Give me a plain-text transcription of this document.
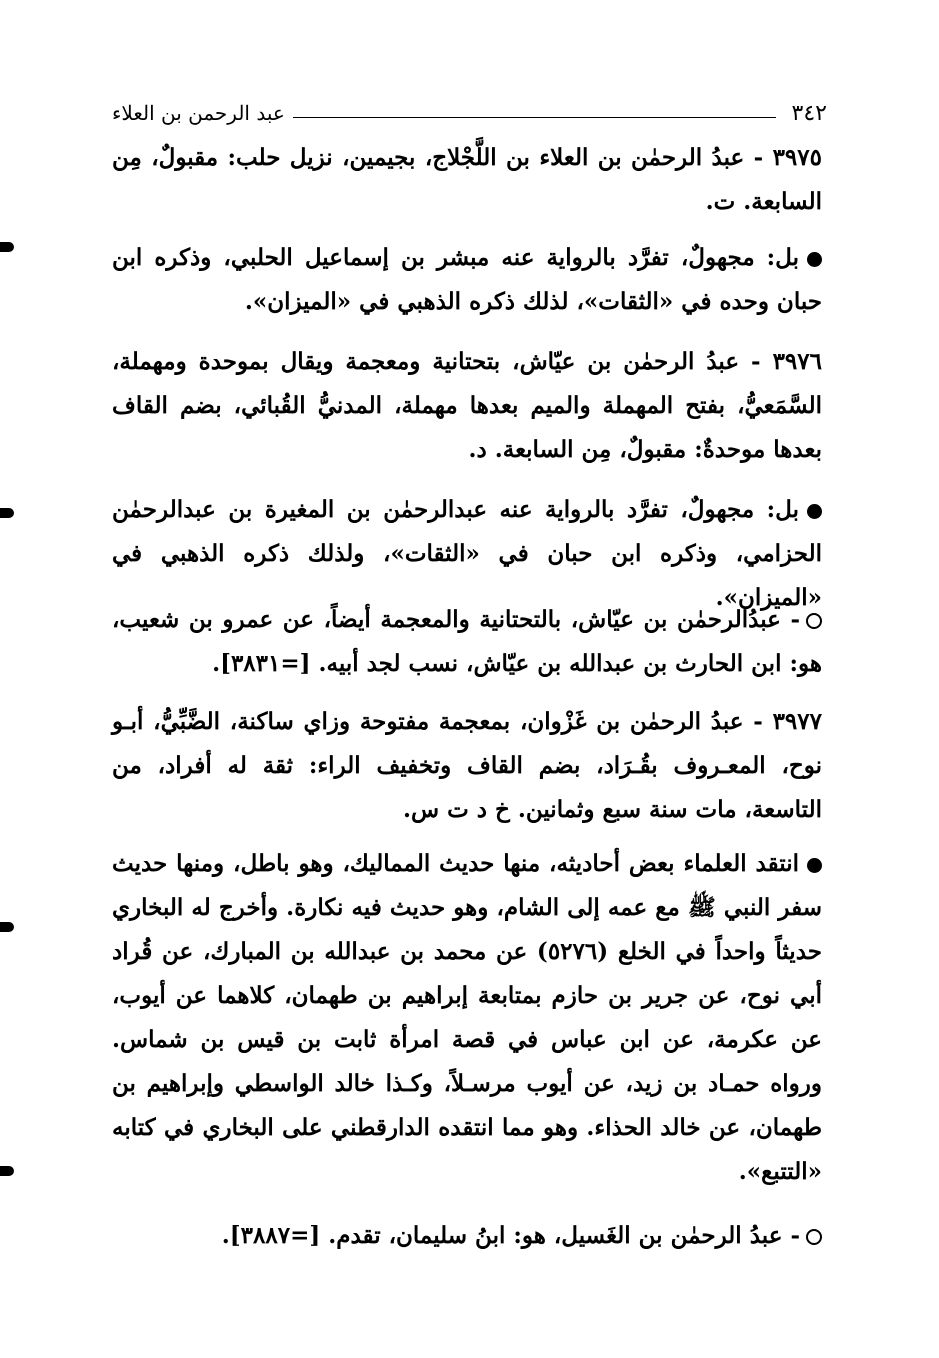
٣٤٢
عبد الرحمن بن العلاء
٣٩٧٥ - عبدُ الرحمٰن بن العلاء بن اللَّجْلاج، بجيمين، نزيل حلب: مقبولٌ، مِن السابعة. ت.
بل: مجهولٌ، تفرَّد بالرواية عنه مبشر بن إسماعيل الحلبي، وذكره ابن حبان وحده في «الثقات»، لذلك ذكره الذهبي في «الميزان».
٣٩٧٦ - عبدُ الرحمٰن بن عيّاش، بتحتانية ومعجمة ويقال بموحدة ومهملة، السَّمَعيُّ، بفتح المهملة والميم بعدها مهملة، المدنيُّ القُبائي، بضم القاف بعدها موحدةٌ: مقبولٌ، مِن السابعة. د.
بل: مجهولٌ، تفرَّد بالرواية عنه عبدالرحمٰن بن المغيرة بن عبدالرحمٰن الحزامي، وذكره ابن حبان في «الثقات»، ولذلك ذكره الذهبي في «الميزان».
- عبدُالرحمٰن بن عيّاش، بالتحتانية والمعجمة أيضاً، عن عمرو بن شعيب، هو: ابن الحارث بن عبدالله بن عيّاش، نسب لجد أبيه. [=٣٨٣١].
٣٩٧٧ - عبدُ الرحمٰن بن غَزْوان، بمعجمة مفتوحة وزاي ساكنة، الضَّبِّيُّ، أبـو نوح، المعـروف بقُـرَاد، بضم القاف وتخفيف الراء: ثقة له أفراد، من التاسعة، مات سنة سبع وثمانين. خ د ت س.
انتقد العلماء بعض أحاديثه، منها حديث المماليك، وهو باطل، ومنها حديث سفر النبي ﷺ مع عمه إلى الشام، وهو حديث فيه نكارة. وأخرج له البخاري حديثاً واحداً في الخلع (٥٢٧٦) عن محمد بن عبدالله بن المبارك، عن قُراد أبي نوح، عن جرير بن حازم بمتابعة إبراهيم بن طهمان، كلاهما عن أيوب، عن عكرمة، عن ابن عباس في قصة امرأة ثابت بن قيس بن شماس. ورواه حمـاد بن زيد، عن أيوب مرسـلاً، وكـذا خالد الواسطي وإبراهيم بن طهمان، عن خالد الحذاء. وهو مما انتقده الدارقطني على البخاري في كتابه «التتبع».
- عبدُ الرحمٰن بن الغَسيل، هو: ابنُ سليمان، تقدم. [=٣٨٨٧].
